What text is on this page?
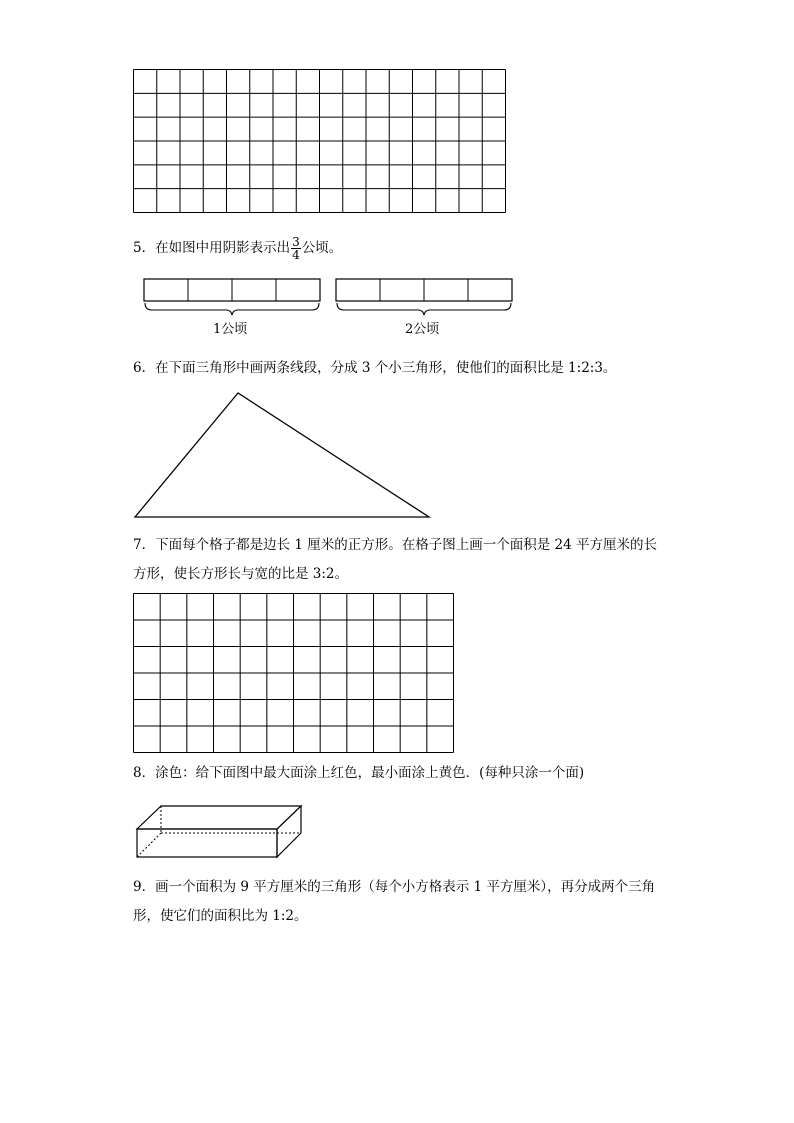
5．在如图中用阴影表示出 $\frac{3}{4}$ 公顷。
1公顷	2公顷
6．在下面三角形中画两条线段，分成 3 个小三角形，使他们的面积比是 1:2:3。
7．下面每个格子都是边长 1 厘米的正方形。在格子图上画一个面积是 24 平方厘米的长
方形，使长方形长与宽的比是 3:2。
8．涂色：给下面图中最大面涂上红色，最小面涂上黄色．(每种只涂一个面)
9．画一个面积为 9 平方厘米的三角形（每个小方格表示 1 平方厘米），再分成两个三角
形，使它们的面积比为 1:2。
